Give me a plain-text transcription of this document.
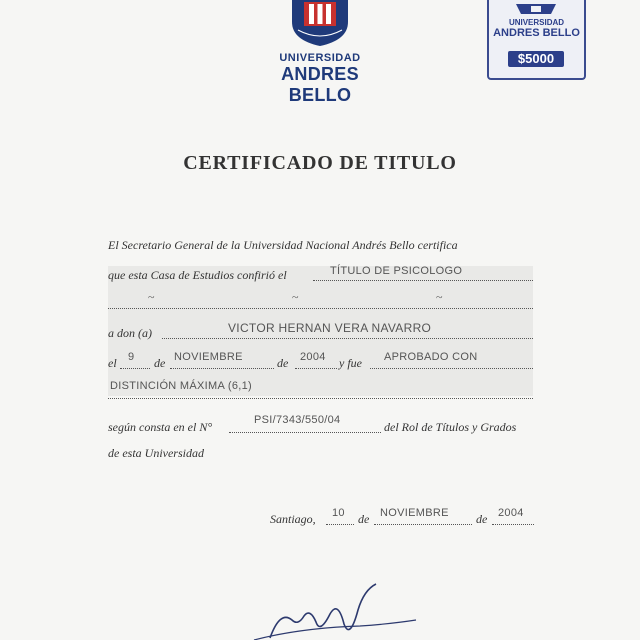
UNIVERSIDAD
ANDRES BELLO
UNIVERSIDAD
ANDRES BELLO
$5000
CERTIFICADO DE TITULO
El Secretario General de la Universidad Nacional Andrés Bello certifica
que esta Casa de Estudios confirió el	TÍTULO DE PSICOLOGO
~	~	~
a don (a)	VICTOR HERNAN VERA NAVARRO
el 9 de NOVIEMBRE	de 2004 y fue APROBADO CON
DISTINCIÓN MÁXIMA (6,1)
según consta en el N°	PSI/7343/550/04	del Rol de Títulos y Grados
de esta Universidad
Santiago, 10 de NOVIEMBRE de 2004
